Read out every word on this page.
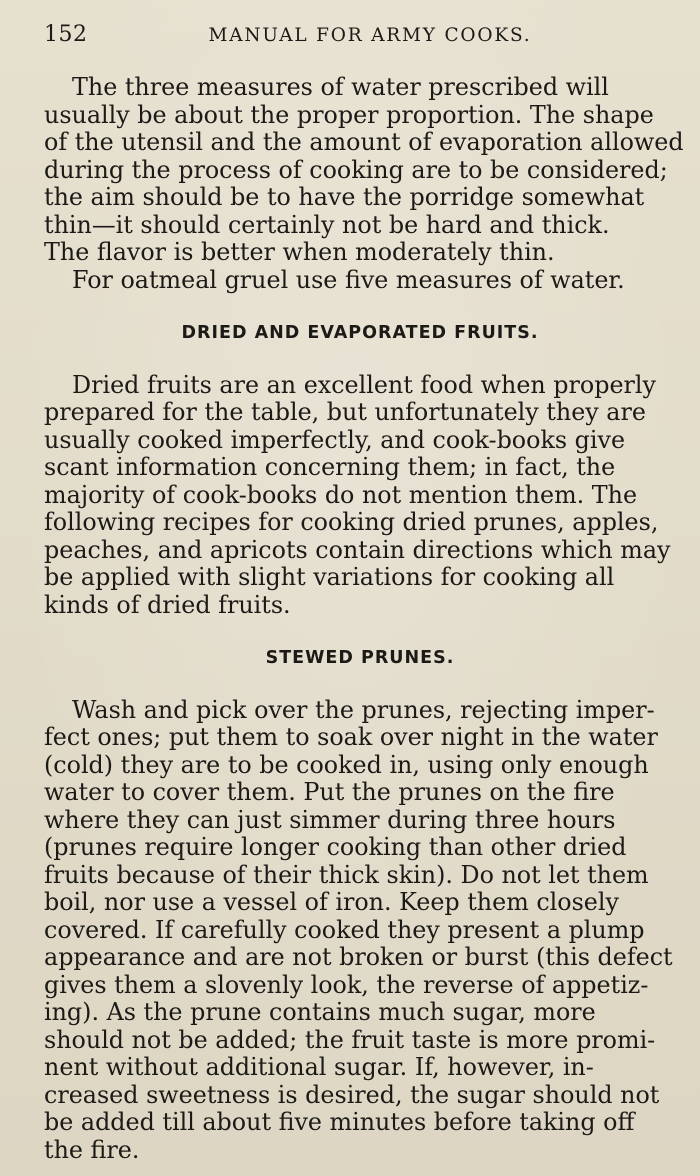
152	MANUAL FOR ARMY COOKS.

The three measures of water prescribed will
usually be about the proper proportion. The shape
of the utensil and the amount of evaporation allowed
during the process of cooking are to be considered;
the aim should be to have the porridge somewhat
thin—it should certainly not be hard and thick.
The flavor is better when moderately thin.

For oatmeal gruel use five measures of water.

DRIED AND EVAPORATED FRUITS.

Dried fruits are an excellent food when properly
prepared for the table, but unfortunately they are
usually cooked imperfectly, and cook-books give
scant information concerning them; in fact, the
majority of cook-books do not mention them. The
following recipes for cooking dried prunes, apples,
peaches, and apricots contain directions which may
be applied with slight variations for cooking all
kinds of dried fruits.

STEWED PRUNES.

Wash and pick over the prunes, rejecting imper-
fect ones; put them to soak over night in the water
(cold) they are to be cooked in, using only enough
water to cover them. Put the prunes on the fire
where they can just simmer during three hours
(prunes require longer cooking than other dried
fruits because of their thick skin). Do not let them
boil, nor use a vessel of iron. Keep them closely
covered. If carefully cooked they present a plump
appearance and are not broken or burst (this defect
gives them a slovenly look, the reverse of appetiz-
ing). As the prune contains much sugar, more
should not be added; the fruit taste is more promi-
nent without additional sugar. If, however, in-
creased sweetness is desired, the sugar should not
be added till about five minutes before taking off
the fire.
